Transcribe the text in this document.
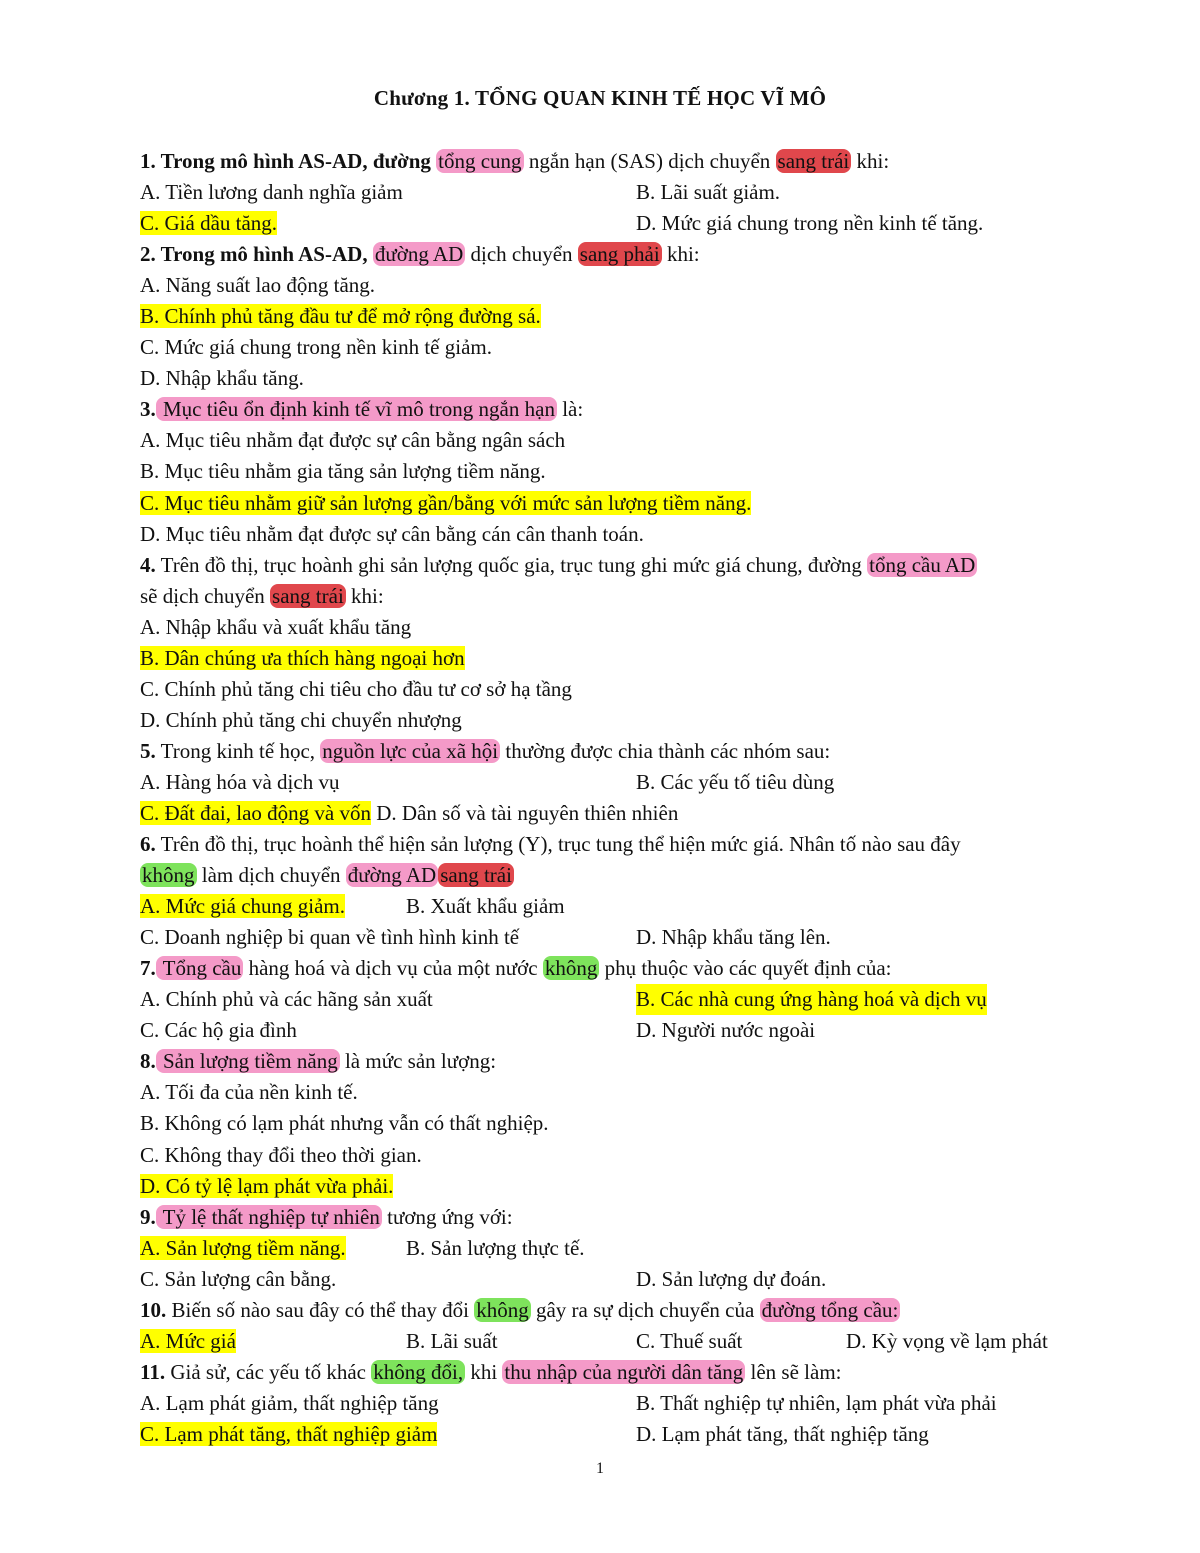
Chương 1. TỔNG QUAN KINH TẾ HỌC VĨ MÔ
1. Trong mô hình AS-AD, đường tổng cung ngắn hạn (SAS) dịch chuyển sang trái khi:
A. Tiền lương danh nghĩa giảm	B. Lãi suất giảm.
C. Giá dầu tăng.	D. Mức giá chung trong nền kinh tế tăng.
2. Trong mô hình AS-AD, đường AD dịch chuyển sang phải khi:
A. Năng suất lao động tăng.
B. Chính phủ tăng đầu tư để mở rộng đường sá.
C. Mức giá chung trong nền kinh tế giảm.
D. Nhập khẩu tăng.
3. Mục tiêu ổn định kinh tế vĩ mô trong ngắn hạn là:
A. Mục tiêu nhằm đạt được sự cân bằng ngân sách
B. Mục tiêu nhằm gia tăng sản lượng tiềm năng.
C. Mục tiêu nhằm giữ sản lượng gần/bằng với mức sản lượng tiềm năng.
D. Mục tiêu nhằm đạt được sự cân bằng cán cân thanh toán.
4. Trên đồ thị, trục hoành ghi sản lượng quốc gia, trục tung ghi mức giá chung, đường tổng cầu AD
sẽ dịch chuyển sang trái khi:
A. Nhập khẩu và xuất khẩu tăng
B. Dân chúng ưa thích hàng ngoại hơn
C. Chính phủ tăng chi tiêu cho đầu tư cơ sở hạ tầng
D. Chính phủ tăng chi chuyển nhượng
5. Trong kinh tế học, nguồn lực của xã hội thường được chia thành các nhóm sau:
A. Hàng hóa và dịch vụ	B. Các yếu tố tiêu dùng
C. Đất đai, lao động và vốn D. Dân số và tài nguyên thiên nhiên
6. Trên đồ thị, trục hoành thể hiện sản lượng (Y), trục tung thể hiện mức giá. Nhân tố nào sau đây
không làm dịch chuyển đường AD sang trái
A. Mức giá chung giảm.	B. Xuất khẩu giảm
C. Doanh nghiệp bi quan về tình hình kinh tế	D. Nhập khẩu tăng lên.
7. Tổng cầu hàng hoá và dịch vụ của một nước không phụ thuộc vào các quyết định của:
A. Chính phủ và các hãng sản xuất	B. Các nhà cung ứng hàng hoá và dịch vụ
C. Các hộ gia đình	D. Người nước ngoài
8. Sản lượng tiềm năng là mức sản lượng:
A. Tối đa của nền kinh tế.
B. Không có lạm phát nhưng vẫn có thất nghiệp.
C. Không thay đổi theo thời gian.
D. Có tỷ lệ lạm phát vừa phải.
9. Tỷ lệ thất nghiệp tự nhiên tương ứng với:
A. Sản lượng tiềm năng.	B. Sản lượng thực tế.
C. Sản lượng cân bằng.	D. Sản lượng dự đoán.
10. Biến số nào sau đây có thể thay đổi không gây ra sự dịch chuyển của đường tổng cầu:
A. Mức giá	B. Lãi suất	C. Thuế suất	D. Kỳ vọng về lạm phát
11. Giả sử, các yếu tố khác không đổi, khi thu nhập của người dân tăng lên sẽ làm:
A. Lạm phát giảm, thất nghiệp tăng	B. Thất nghiệp tự nhiên, lạm phát vừa phải
C. Lạm phát tăng, thất nghiệp giảm	D. Lạm phát tăng, thất nghiệp tăng
1
